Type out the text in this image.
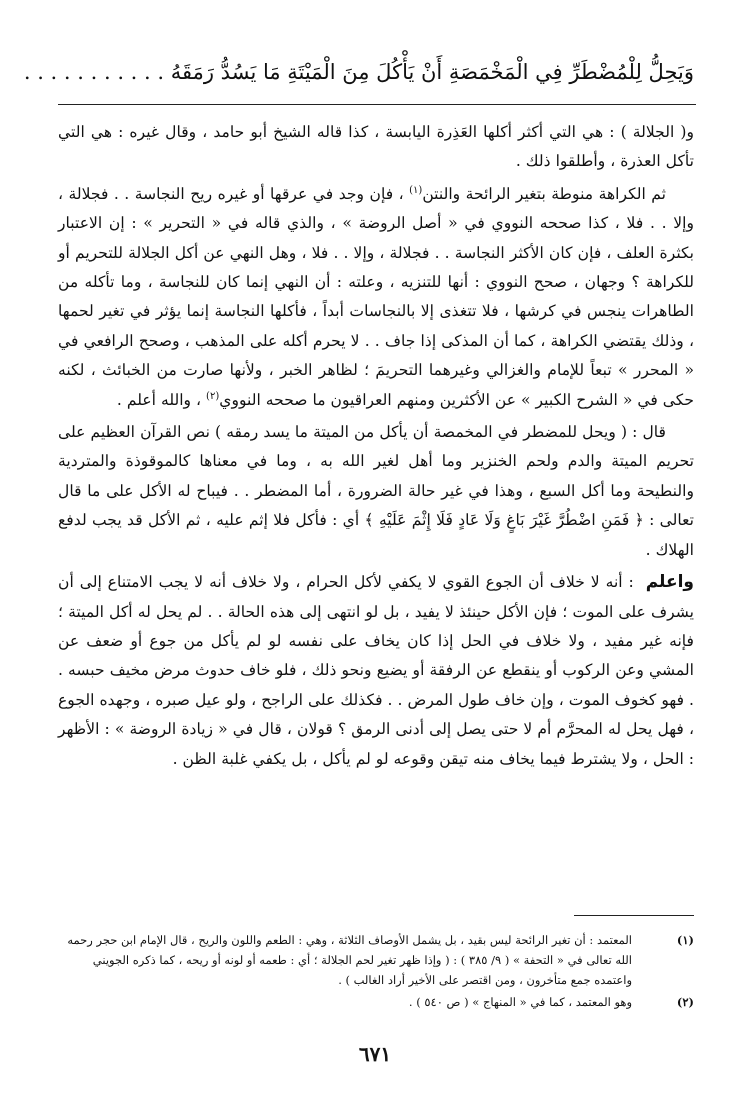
وَيَحِلُّ لِلْمُضْطَرِّ فِي الْمَخْمَصَةِ أَنْ يَأْكُلَ مِنَ الْمَيْتَةِ مَا يَسُدُّ رَمَقَهُ . . . . . . . . . . .

و( الجلالة ) : هي التي أكثر أكلها العَذِرة اليابسة ، كذا قاله الشيخ أبو حامد ، وقال غيره : هي التي تأكل العذرة ، وأطلقوا ذلك .

ثم الكراهة منوطة بتغير الرائحة والنتن$^{(١)}$ ، فإن وجد في عرقها أو غيره ريح النجاسة . . فجلالة ، وإلا . . فلا ، كذا صححه النووي في « أصل الروضة » ، والذي قاله في « التحرير » : إن الاعتبار بكثرة العلف ، فإن كان الأكثر النجاسة . . فجلالة ، وإلا . . فلا ، وهل النهي عن أكل الجلالة للتحريم أو للكراهة ؟ وجهان ، صحح النووي : أنها للتنزيه ، وعلته : أن النهي إنما كان للنجاسة ، وما تأكله من الطاهرات ينجس في كرشها ، فلا تتغذى إلا بالنجاسات أبداً ، فأكلها النجاسة إنما يؤثر في تغير لحمها ، وذلك يقتضي الكراهة ، كما أن المذكى إذا جاف . . لا يحرم أكله على المذهب ، وصحح الرافعي في « المحرر » تبعاً للإمام والغزالي وغيرهما التحريمَ ؛ لظاهر الخبر ، ولأنها صارت من الخبائث ، لكنه حكى في « الشرح الكبير » عن الأكثرين ومنهم العراقيون ما صححه النووي$^{(٢)}$ ، والله أعلم .

قال : ( ويحل للمضطر في المخمصة أن يأكل من الميتة ما يسد رمقه ) نص القرآن العظيم على تحريم الميتة والدم ولحم الخنزير وما أهل لغير الله به ، وما في معناها كالموقوذة والمتردية والنطيحة وما أكل السبع ، وهذا في غير حالة الضرورة ، أما المضطر . . فيباح له الأكل على ما قال تعالى : ﴿ فَمَنِ اضْطُرَّ غَيْرَ بَاغٍ وَلَا عَادٍ فَلَا إِثْمَ عَلَيْهِ ﴾ أي : فأكل فلا إثم عليه ، ثم الأكل قد يجب لدفع الهلاك .

واعلم : أنه لا خلاف أن الجوع القوي لا يكفي لأكل الحرام ، ولا خلاف أنه لا يجب الامتناع إلى أن يشرف على الموت ؛ فإن الأكل حينئذ لا يفيد ، بل لو انتهى إلى هذه الحالة . . لم يحل له أكل الميتة ؛ فإنه غير مفيد ، ولا خلاف في الحل إذا كان يخاف على نفسه لو لم يأكل من جوع أو ضعف عن المشي وعن الركوب أو ينقطع عن الرفقة أو يضيع ونحو ذلك ، فلو خاف حدوث مرض مخيف حبسه . . فهو كخوف الموت ، وإن خاف طول المرض . . فكذلك على الراجح ، ولو عيل صبره ، وجهده الجوع ، فهل يحل له المحرَّم أم لا حتى يصل إلى أدنى الرمق ؟ قولان ، قال في « زيادة الروضة » : الأظهر : الحل ، ولا يشترط فيما يخاف منه تيقن وقوعه لو لم يأكل ، بل يكفي غلبة الظن .

(١)
المعتمد : أن تغير الرائحة ليس بقيد ، بل يشمل الأوصاف الثلاثة ، وهي : الطعم واللون والريح ، قال الإمام ابن حجر رحمه الله تعالى في « التحفة » ( ٩/ ٣٨٥ ) : ( وإذا ظهر تغير لحم الجلالة ؛ أي : طعمه أو لونه أو ريحه ، كما ذكره الجويني واعتمده جمع متأخرون ، ومن اقتصر على الأخير أراد الغالب ) .
(٢)
وهو المعتمد ، كما في « المنهاج » ( ص ٥٤٠ ) .
٦٧١
